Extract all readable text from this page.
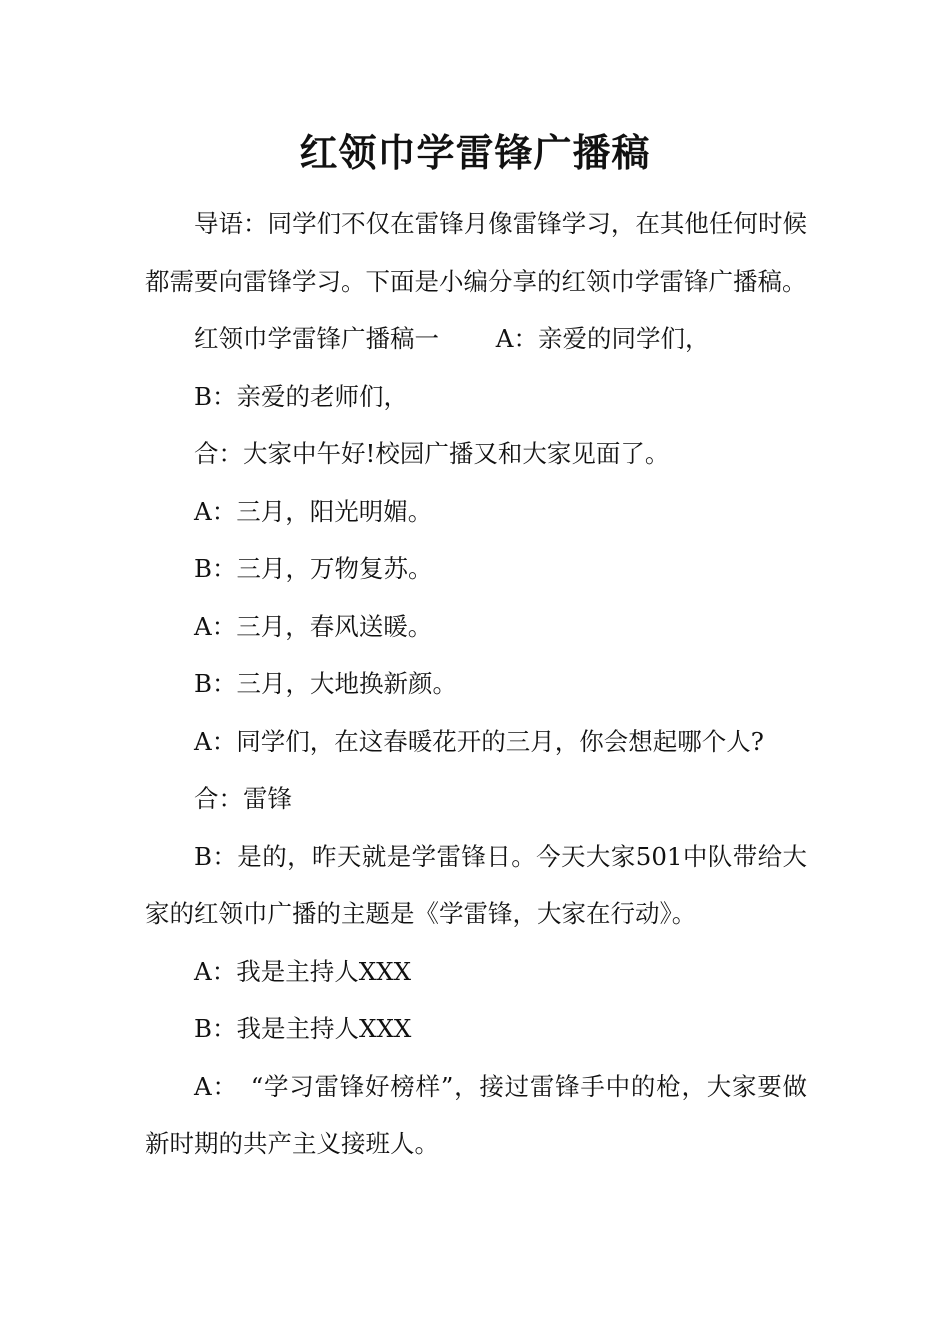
红领巾学雷锋广播稿

导语：同学们不仅在雷锋月像雷锋学习，在其他任何时候都需要向雷锋学习。下面是小编分享的红领巾学雷锋广播稿。

红领巾学雷锋广播稿一　　 A：亲爱的同学们，

B：亲爱的老师们，

合：大家中午好!校园广播又和大家见面了。

A：三月，阳光明媚。

B：三月，万物复苏。

A：三月，春风送暖。

B：三月，大地换新颜。

A：同学们，在这春暖花开的三月，你会想起哪个人?

合：雷锋

B：是的，昨天就是学雷锋日。今天大家501中队带给大家的红领巾广播的主题是《学雷锋，大家在行动》。

A：我是主持人XXX

B：我是主持人XXX

A：　“学习雷锋好榜样”，接过雷锋手中的枪，大家要做新时期的共产主义接班人。
